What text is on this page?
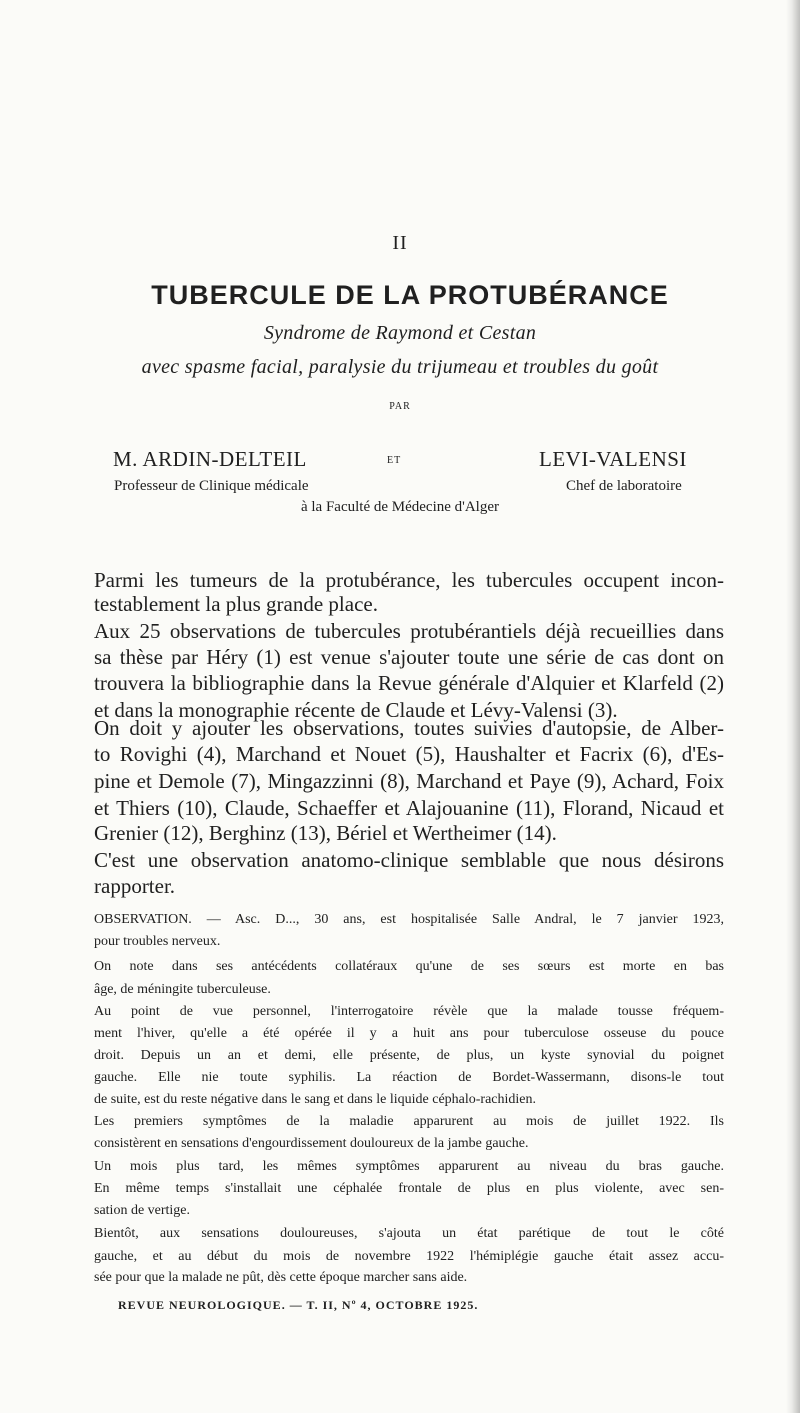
II
TUBERCULE DE LA PROTUBÉRANCE
Syndrome de Raymond et Cestan
avec spasme facial, paralysie du trijumeau et troubles du goût
PAR
M. ARDIN-DELTEIL	ET	LEVI-VALENSI
Professeur de Clinique médicale	Chef de laboratoire
à la Faculté de Médecine d'Alger
Parmi les tumeurs de la protubérance, les tubercules occupent incon-
testablement la plus grande place.
Aux 25 observations de tubercules protubérantiels déjà recueillies dans
sa thèse par Héry (1) est venue s'ajouter toute une série de cas dont on
trouvera la bibliographie dans la Revue générale d'Alquier et Klarfeld (2)
et dans la monographie récente de Claude et Lévy-Valensi (3).
On doit y ajouter les observations, toutes suivies d'autopsie, de Alber-
to Rovighi (4), Marchand et Nouet (5), Haushalter et Facrix (6), d'Es-
pine et Demole (7), Mingazzinni (8), Marchand et Paye (9), Achard, Foix
et Thiers (10), Claude, Schaeffer et Alajouanine (11), Florand, Nicaud et
Grenier (12), Berghinz (13), Bériel et Wertheimer (14).
C'est une observation anatomo-clinique semblable que nous désirons
rapporter.
OBSERVATION. — Asc. D..., 30 ans, est hospitalisée Salle Andral, le 7 janvier 1923,
pour troubles nerveux.
On note dans ses antécédents collatéraux qu'une de ses sœurs est morte en bas
âge, de méningite tuberculeuse.
Au point de vue personnel, l'interrogatoire révèle que la malade tousse fréquem-
ment l'hiver, qu'elle a été opérée il y a huit ans pour tuberculose osseuse du pouce
droit. Depuis un an et demi, elle présente, de plus, un kyste synovial du poignet
gauche. Elle nie toute syphilis. La réaction de Bordet-Wassermann, disons-le tout
de suite, est du reste négative dans le sang et dans le liquide céphalo-rachidien.
Les premiers symptômes de la maladie apparurent au mois de juillet 1922. Ils
consistèrent en sensations d'engourdissement douloureux de la jambe gauche.
Un mois plus tard, les mêmes symptômes apparurent au niveau du bras gauche.
En même temps s'installait une céphalée frontale de plus en plus violente, avec sen-
sation de vertige.
Bientôt, aux sensations douloureuses, s'ajouta un état parétique de tout le côté
gauche, et au début du mois de novembre 1922 l'hémiplégie gauche était assez accu-
sée pour que la malade ne pût, dès cette époque marcher sans aide.
REVUE NEUROLOGIQUE. — T. II, Nº 4, OCTOBRE 1925.
